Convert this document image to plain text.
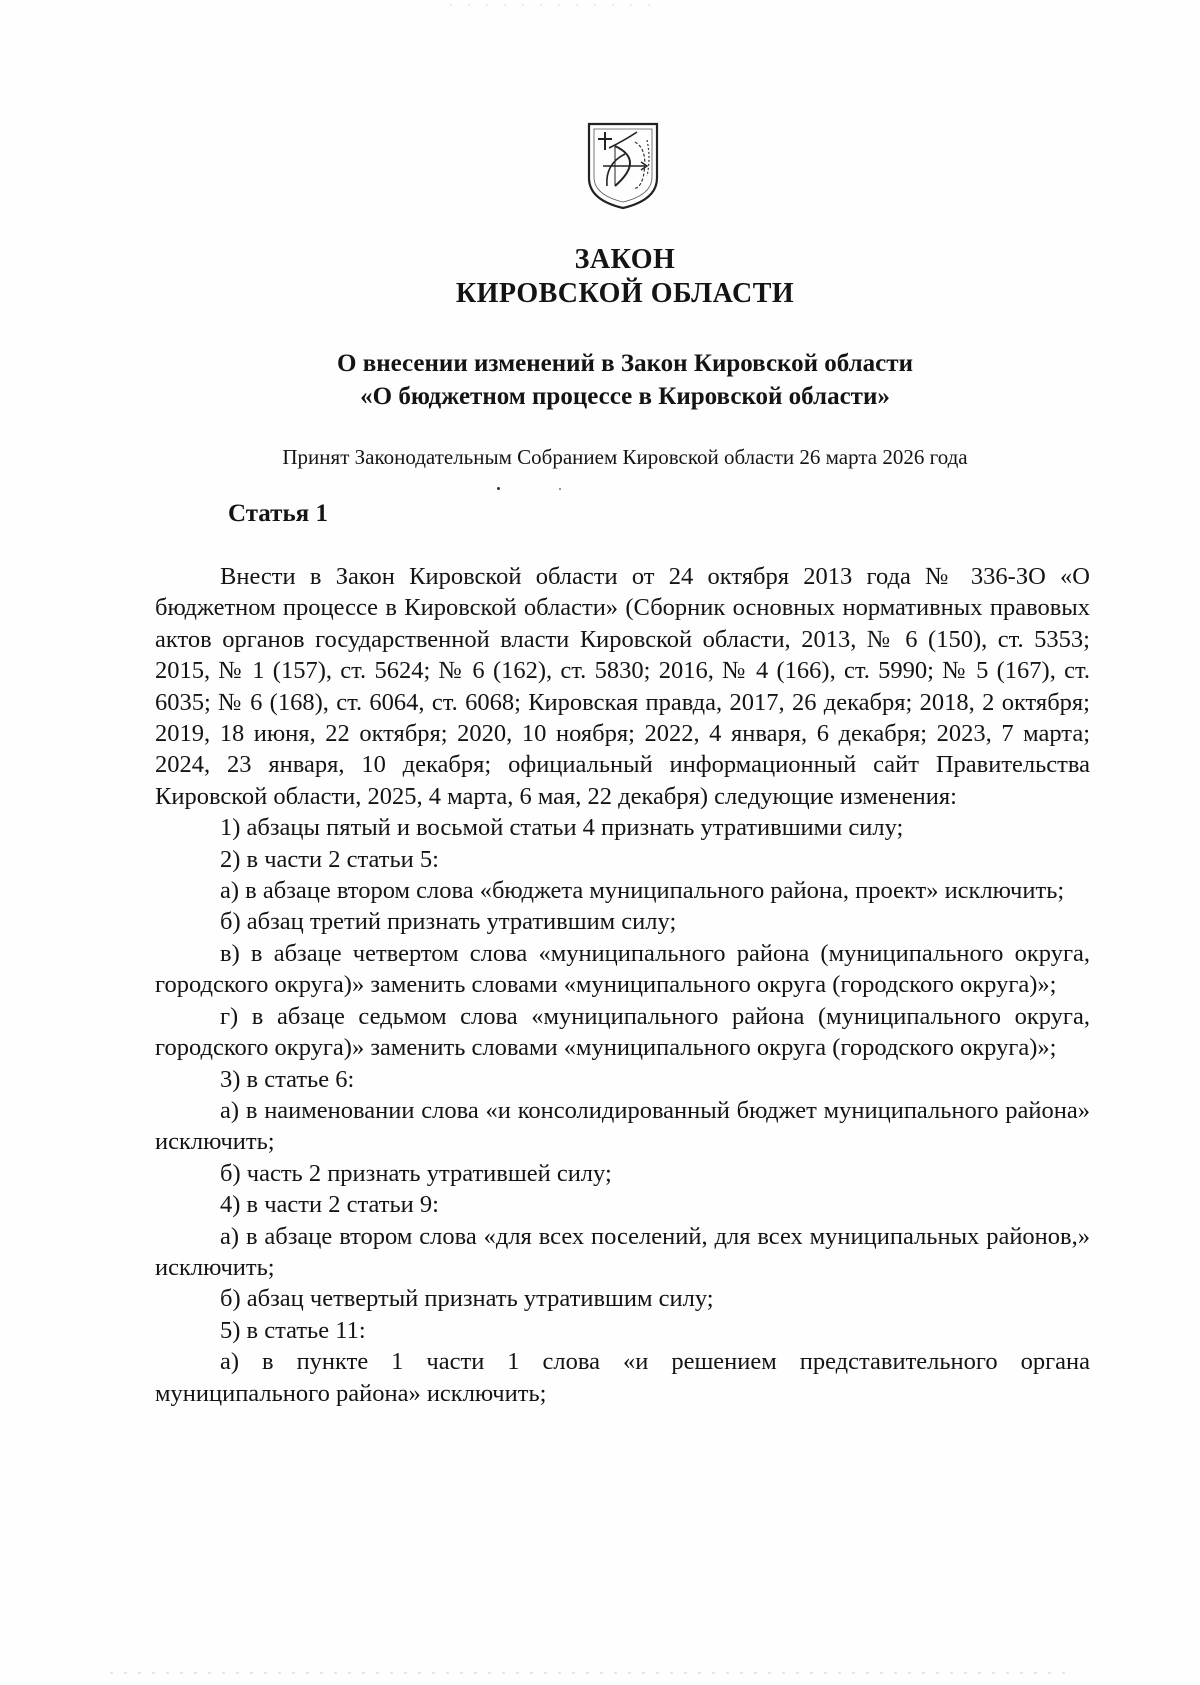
ЗАКОН
КИРОВСКОЙ ОБЛАСТИ
О внесении изменений в Закон Кировской области
«О бюджетном процессе в Кировской области»
Принят Законодательным Собранием Кировской области 26 марта 2026 года
Статья 1

Внести в Закон Кировской области от 24 октября 2013 года № 336-ЗО «О бюджетном процессе в Кировской области» (Сборник основных нормативных правовых актов органов государственной власти Кировской области, 2013, № 6 (150), ст. 5353; 2015, № 1 (157), ст. 5624; № 6 (162), ст. 5830; 2016, № 4 (166), ст. 5990; № 5 (167), ст. 6035; № 6 (168), ст. 6064, ст. 6068; Кировская правда, 2017, 26 декабря; 2018, 2 октября; 2019, 18 июня, 22 октября; 2020, 10 ноября; 2022, 4 января, 6 декабря; 2023, 7 марта; 2024, 23 января, 10 декабря; официальный информационный сайт Правительства Кировской области, 2025, 4 марта, 6 мая, 22 декабря) следующие изменения:

1) абзацы пятый и восьмой статьи 4 признать утратившими силу;

2) в части 2 статьи 5:

а) в абзаце втором слова «бюджета муниципального района, проект» исключить;

б) абзац третий признать утратившим силу;

в) в абзаце четвертом слова «муниципального района (муниципального округа, городского округа)» заменить словами «муниципального округа (городского округа)»;

г) в абзаце седьмом слова «муниципального района (муниципального округа, городского округа)» заменить словами «муниципального округа (городского округа)»;

3) в статье 6:

а) в наименовании слова «и консолидированный бюджет муниципального района» исключить;

б) часть 2 признать утратившей силу;

4) в части 2 статьи 9:

а) в абзаце втором слова «для всех поселений, для всех муниципальных районов,» исключить;

б) абзац четвертый признать утратившим силу;

5) в статье 11:

а) в пункте 1 части 1 слова «и решением представительного органа муниципального района» исключить;
